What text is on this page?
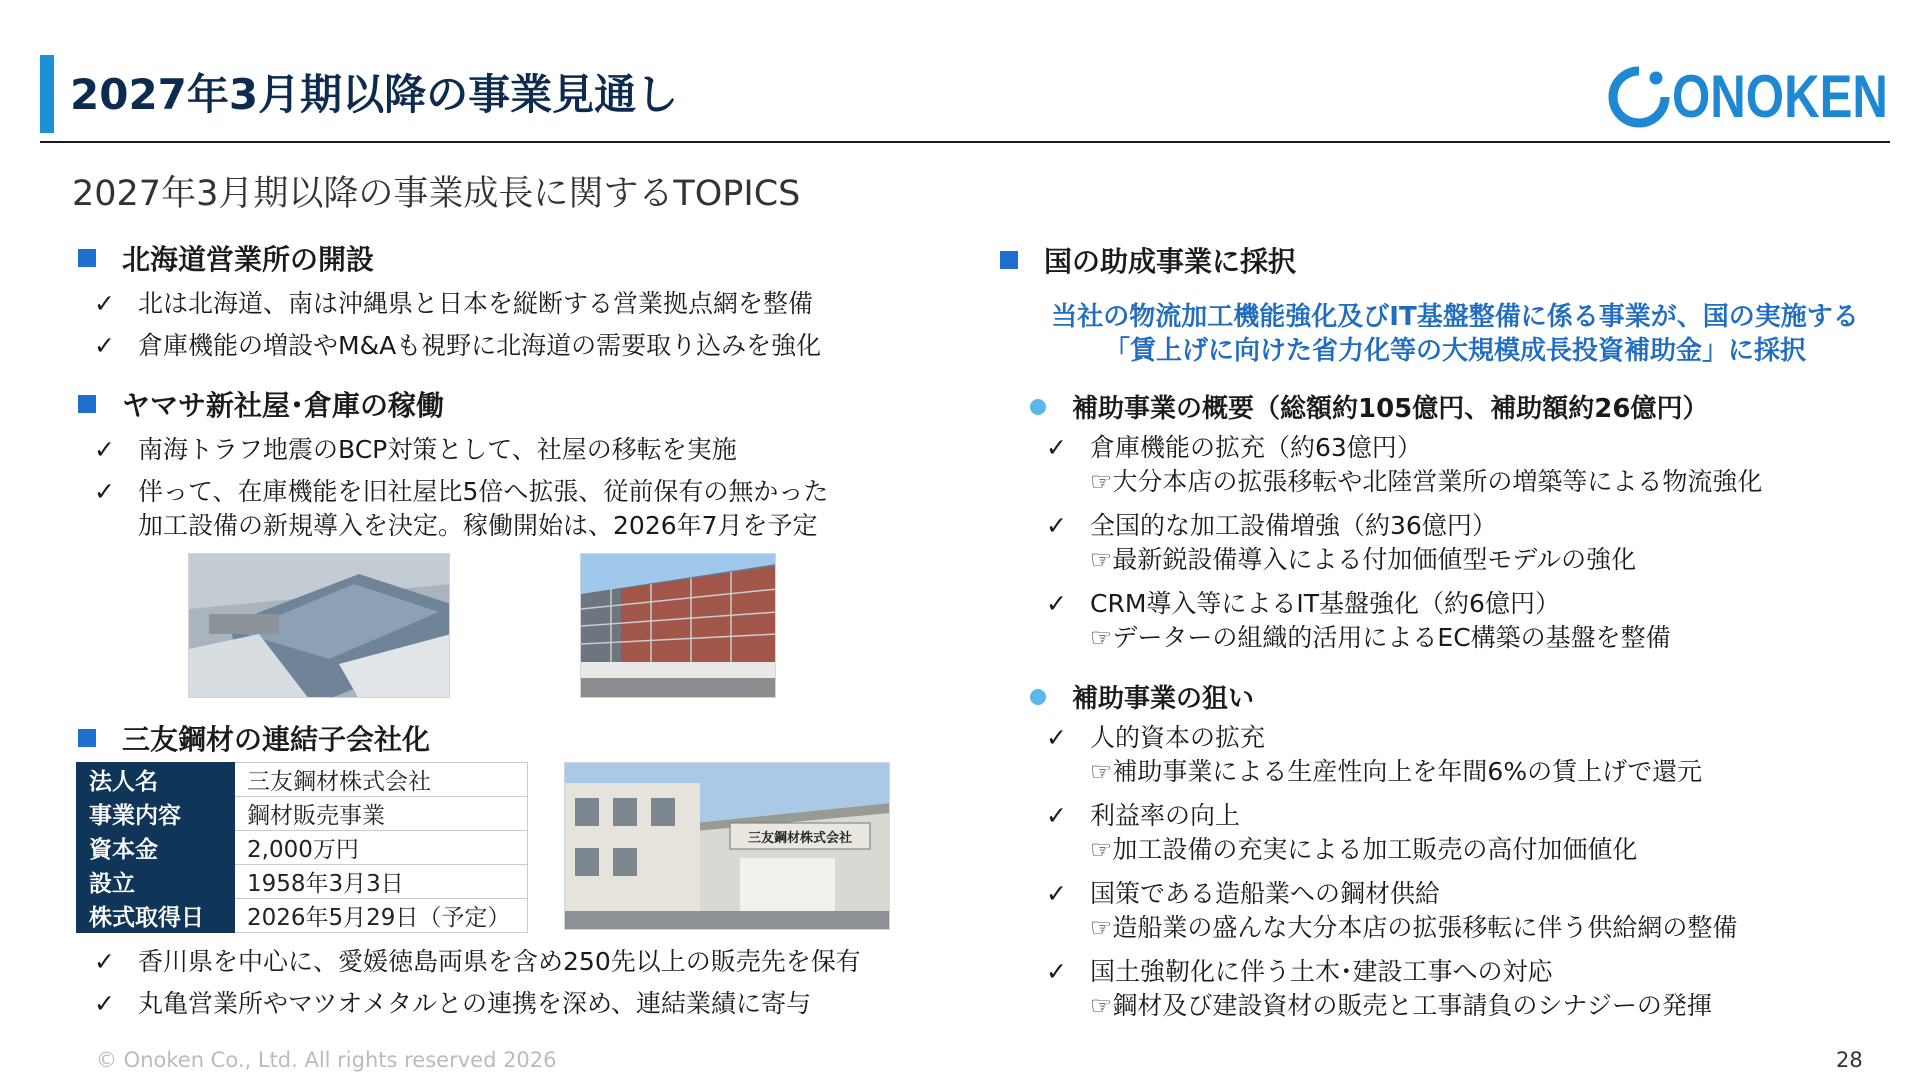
2027年3月期以降の事業見通し	ONOKEN
2027年3月期以降の事業成長に関するTOPICS
北海道営業所の開設
✓ 北は北海道、南は沖縄県と日本を縦断する営業拠点網を整備
✓ 倉庫機能の増設やM&Aも視野に北海道の需要取り込みを強化
ヤマサ新社屋･倉庫の稼働
✓ 南海トラフ地震のBCP対策として、社屋の移転を実施
✓ 伴って、在庫機能を旧社屋比5倍へ拡張、従前保有の無かった
加工設備の新規導入を決定。稼働開始は、2026年7月を予定
三友鋼材の連結子会社化
法人名	三友鋼材株式会社
事業内容	鋼材販売事業
資本金	2,000万円
設立	1958年3月3日
株式取得日	2026年5月29日（予定）
三友鋼材株式会社
✓ 香川県を中心に、愛媛徳島両県を含め250先以上の販売先を保有
✓ 丸亀営業所やマツオメタルとの連携を深め、連結業績に寄与
国の助成事業に採択
当社の物流加工機能強化及びIT基盤整備に係る事業が、国の実施する
「賃上げに向けた省力化等の大規模成長投資補助金」に採択
補助事業の概要（総額約105億円、補助額約26億円）
✓ 倉庫機能の拡充（約63億円）
☞大分本店の拡張移転や北陸営業所の増築等による物流強化
✓ 全国的な加工設備増強（約36億円）
☞最新鋭設備導入による付加価値型モデルの強化
✓ CRM導入等によるIT基盤強化（約6億円）
☞データーの組織的活用によるEC構築の基盤を整備
補助事業の狙い
✓ 人的資本の拡充
☞補助事業による生産性向上を年間6%の賃上げで還元
✓ 利益率の向上
☞加工設備の充実による加工販売の高付加価値化
✓ 国策である造船業への鋼材供給
☞造船業の盛んな大分本店の拡張移転に伴う供給網の整備
✓ 国土強靭化に伴う土木･建設工事への対応
☞鋼材及び建設資材の販売と工事請負のシナジーの発揮
© Onoken Co., Ltd. All rights reserved 2026	28
